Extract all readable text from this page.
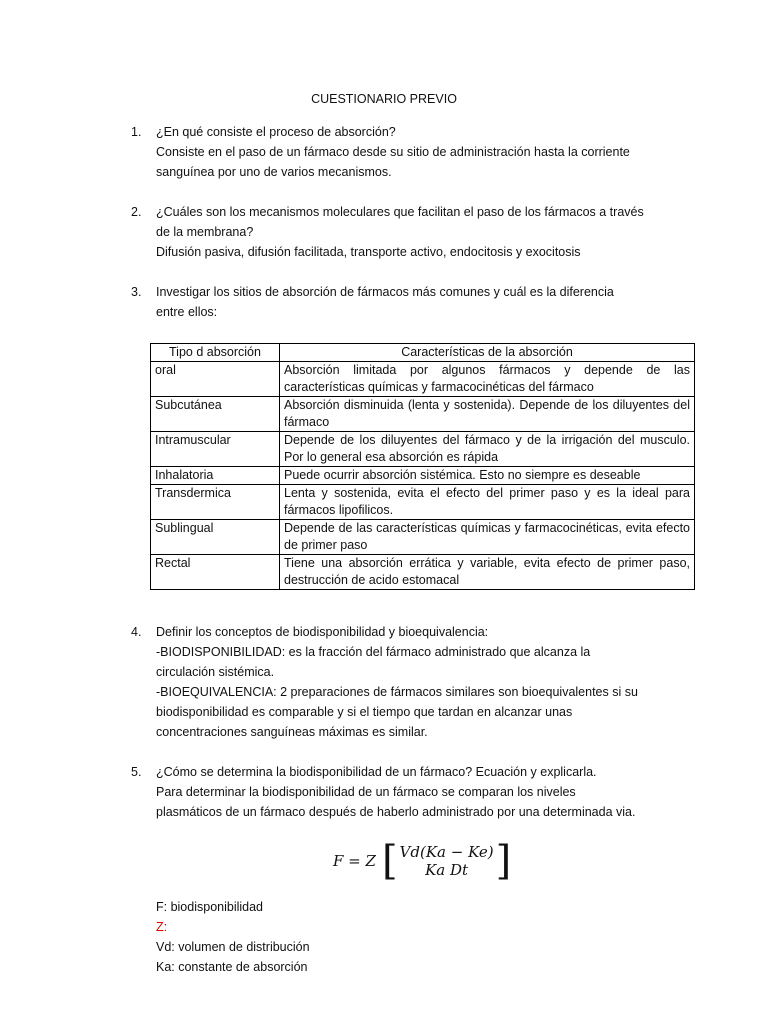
CUESTIONARIO PREVIO
1.	¿En qué consiste el proceso de absorción?
Consiste en el paso de un fármaco desde su sitio de administración hasta la corriente
sanguínea por uno de varios mecanismos.
2.	¿Cuáles son los mecanismos moleculares que facilitan el paso de los fármacos a través
de la membrana?
Difusión pasiva, difusión facilitada, transporte activo, endocitosis y exocitosis
3.	Investigar los sitios de absorción de fármacos más comunes y cuál es la diferencia
entre ellos:
Tipo d absorción	Características de la absorción
oral	Absorción limitada por algunos fármacos y depende de las características químicas y farmacocinéticas del fármaco
Subcutánea	Absorción disminuida (lenta y sostenida). Depende de los diluyentes del fármaco
Intramuscular	Depende de los diluyentes del fármaco y de la irrigación del musculo. Por lo general esa absorción es rápida
Inhalatoria	Puede ocurrir absorción sistémica. Esto no siempre es deseable
Transdermica	Lenta y sostenida, evita el efecto del primer paso y es la ideal para fármacos lipofilicos.
Sublingual	Depende de las características químicas y farmacocinéticas, evita efecto de primer paso
Rectal	Tiene una absorción errática y variable, evita efecto de primer paso, destrucción de acido estomacal
4.	Definir los conceptos de biodisponibilidad y bioequivalencia:
-BIODISPONIBILIDAD: es la fracción del fármaco administrado que alcanza la
circulación sistémica.
-BIOEQUIVALENCIA: 2 preparaciones de fármacos similares son bioequivalentes si su
biodisponibilidad es comparable y si el tiempo que tardan en alcanzar unas
concentraciones sanguíneas máximas es similar.
5.	¿Cómo se determina la biodisponibilidad de un fármaco? Ecuación y explicarla.
Para determinar la biodisponibilidad de un fármaco se comparan los niveles
plasmáticos de un fármaco después de haberlo administrado por una determinada via.
F = Z [ Vd(Ka − Ke)
Ka Dt ]
F: biodisponibilidad
Z:
Vd: volumen de distribución
Ka: constante de absorción
